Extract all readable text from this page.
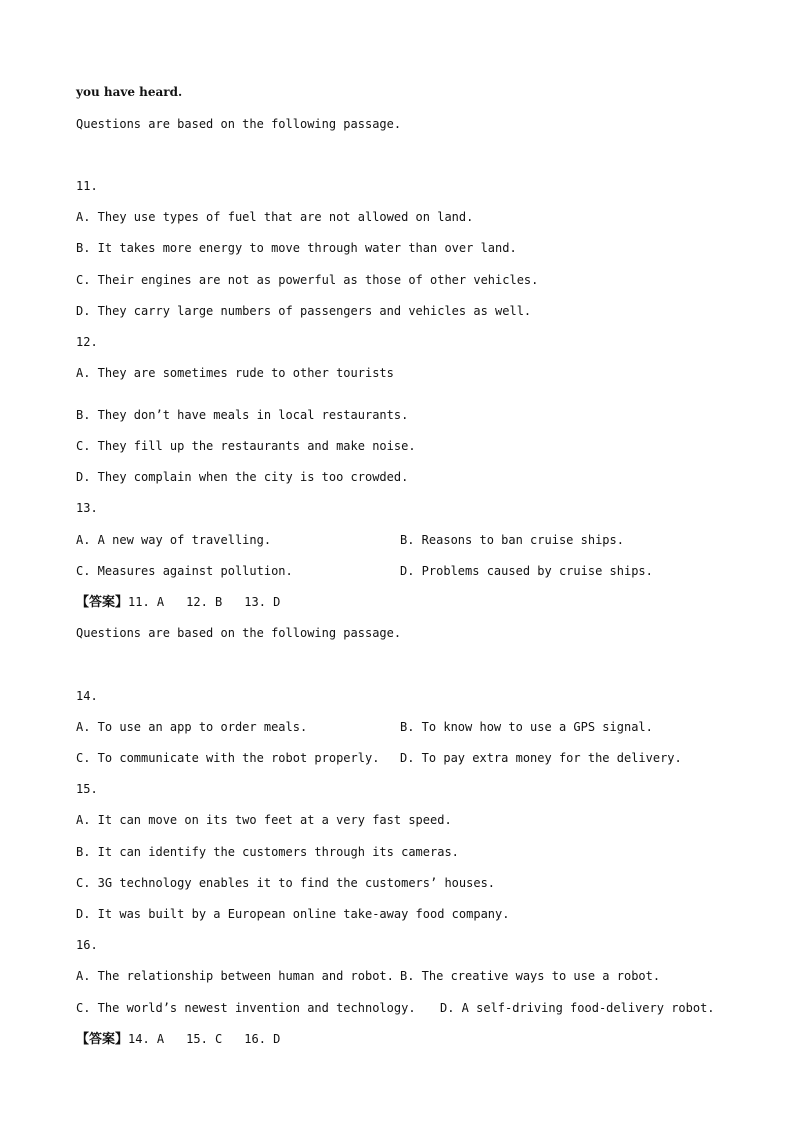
you have heard.
Questions are based on the following passage.
11.
A. They use types of fuel that are not allowed on land.
B. It takes more energy to move through water than over land.
C. Their engines are not as powerful as those of other vehicles.
D. They carry large numbers of passengers and vehicles as well.
12.
A. They are sometimes rude to other tourists
B. They don’t have meals in local restaurants.
C. They fill up the restaurants and make noise.
D. They complain when the city is too crowded.
13.
A. A new way of travelling.	B. Reasons to ban cruise ships.
C. Measures against pollution.	D. Problems caused by cruise ships.
【答案】 11. A 12. B 13. D
Questions are based on the following passage.
14.
A. To use an app to order meals.	B. To know how to use a GPS signal.
C. To communicate with the robot properly. D. To pay extra money for the delivery.
15.
A. It can move on its two feet at a very fast speed.
B. It can identify the customers through its cameras.
C. 3G technology enables it to find the customers’ houses.
D. It was built by a European online take-away food company.
16.
A. The relationship between human and robot. B. The creative ways to use a robot.
C. The world’s newest invention and technology. D. A self-driving food-delivery robot.
【答案】 14. A 15. C 16. D
